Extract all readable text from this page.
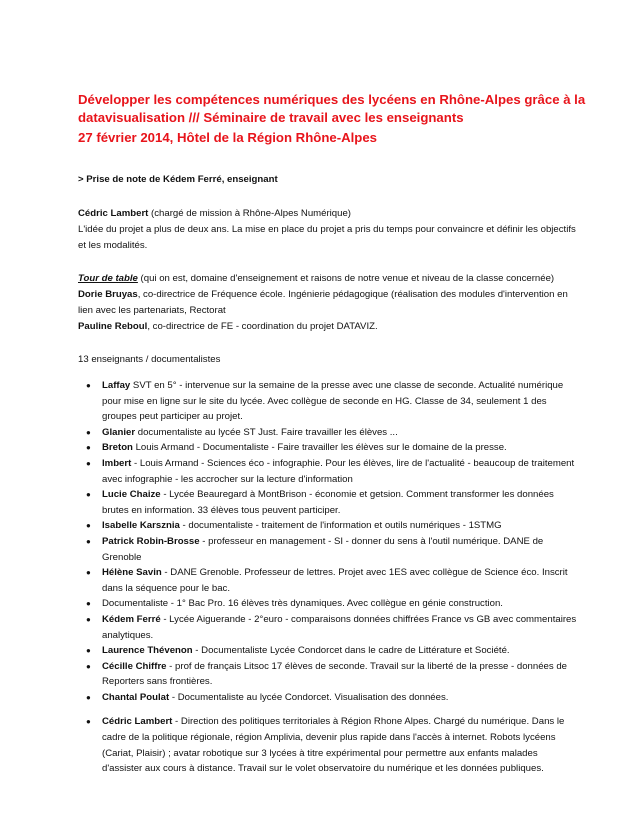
Développer les compétences numériques des lycéens en Rhône-Alpes grâce à la
datavisualisation /// Séminaire de travail avec les enseignants
27 février 2014, Hôtel de la Région Rhône-Alpes
> Prise de note de Kédem Ferré, enseignant

Cédric Lambert (chargé de mission à Rhône-Alpes Numérique)
L'idée du projet a plus de deux ans. La mise en place du projet a pris du temps pour convaincre et définir les objectifs et les modalités.

Tour de table (qui on est, domaine d'enseignement et raisons de notre venue et niveau de la classe concernée)
Dorie Bruyas, co-directrice de Fréquence école. Ingénierie pédagogique (réalisation des modules d'intervention en lien avec les partenariats, Rectorat
Pauline Reboul, co-directrice de FE - coordination du projet DATAVIZ.

13 enseignants / documentalistes

● Laffay SVT en 5° - intervenue sur la semaine de la presse avec une classe de seconde. Actualité numérique pour mise en ligne sur le site du lycée. Avec collègue de seconde en HG. Classe de 34, seulement 1 des groupes peut participer au projet.
● Glanier documentaliste au lycée ST Just. Faire travailler les élèves ...
● Breton Louis Armand - Documentaliste - Faire travailler les élèves sur le domaine de la presse.
● Imbert - Louis Armand - Sciences éco - infographie. Pour les élèves, lire de l'actualité - beaucoup de traitement avec infographie - les accrocher sur la lecture d'information
● Lucie Chaize - Lycée Beauregard à MontBrison - économie et getsion. Comment transformer les données brutes en information. 33 élèves tous peuvent participer.
● Isabelle Karsznia - documentaliste - traitement de l'information et outils numériques - 1STMG
● Patrick Robin-Brosse - professeur en management - SI - donner du sens à l'outil numérique. DANE de Grenoble
● Hélène Savin - DANE Grenoble. Professeur de lettres. Projet avec 1ES avec collègue de Science éco. Inscrit dans la séquence pour le bac.
● Documentaliste - 1° Bac Pro. 16 élèves très dynamiques. Avec collègue en génie construction.
● Kédem Ferré - Lycée Aiguerande - 2°euro - comparaisons données chiffrées France vs GB avec commentaires analytiques.
● Laurence Thévenon - Documentaliste Lycée Condorcet dans le cadre de Littérature et Société.
● Cécille Chiffre - prof de français Litsoc 17 élèves de seconde. Travail sur la liberté de la presse - données de Reporters sans frontières.
● Chantal Poulat - Documentaliste au lycée Condorcet. Visualisation des données.
● Cédric Lambert - Direction des politiques territoriales à Région Rhone Alpes. Chargé du numérique. Dans le cadre de la politique régionale, région Amplivia, devenir plus rapide dans l'accès à internet. Robots lycéens (Cariat, Plaisir) ; avatar robotique sur 3 lycées à titre expérimental pour permettre aux enfants malades d'assister aux cours à distance. Travail sur le volet observatoire du numérique et les données publiques.
